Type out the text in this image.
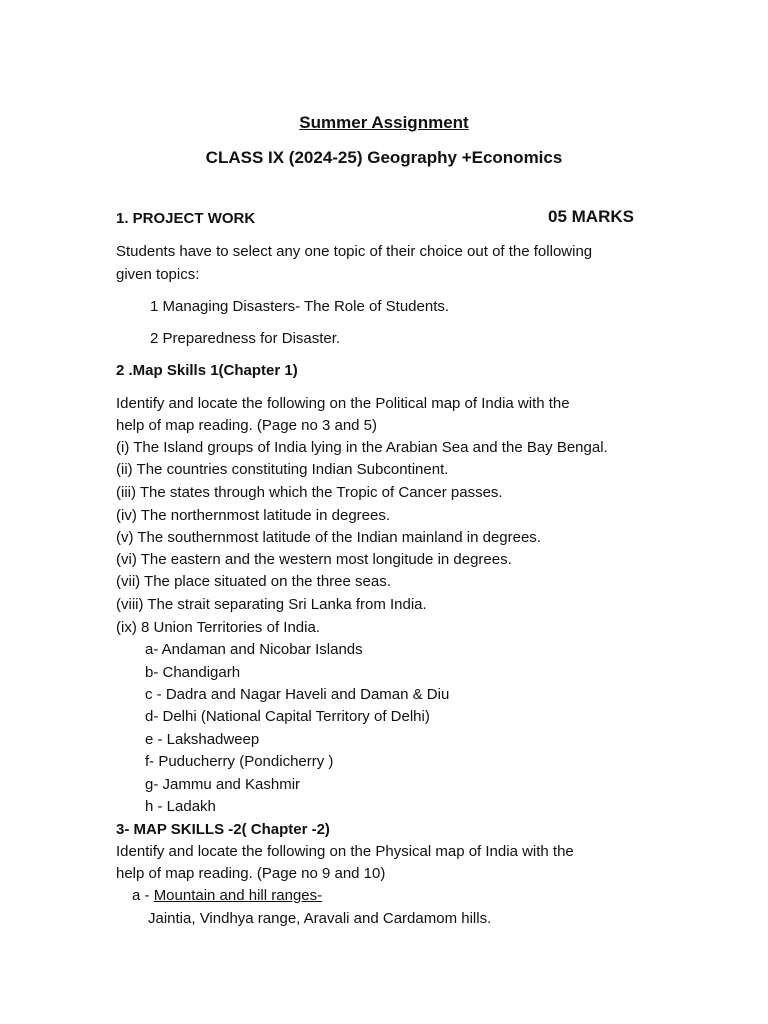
Summer Assignment
CLASS IX (2024-25) Geography +Economics
1. PROJECT WORK	05 MARKS
Students have to select any one topic of their choice out of the following
given topics:
1 Managing Disasters- The Role of Students.
2 Preparedness for Disaster.
2 .Map Skills 1(Chapter 1)
Identify and locate the following on the Political map of India with the
help of map reading. (Page no 3 and 5)
(i) The Island groups of India lying in the Arabian Sea and the Bay Bengal.
(ii) The countries constituting Indian Subcontinent.
(iii) The states through which the Tropic of Cancer passes.
(iv) The northernmost latitude in degrees.
(v) The southernmost latitude of the Indian mainland in degrees.
(vi) The eastern and the western most longitude in degrees.
(vii) The place situated on the three seas.
(viii) The strait separating Sri Lanka from India.
(ix) 8 Union Territories of India.
a- Andaman and Nicobar Islands
b- Chandigarh
c - Dadra and Nagar Haveli and Daman & Diu
d- Delhi (National Capital Territory of Delhi)
e - Lakshadweep
f- Puducherry (Pondicherry )
g- Jammu and Kashmir
h - Ladakh
3- MAP SKILLS -2( Chapter -2)
Identify and locate the following on the Physical map of India with the
help of map reading. (Page no 9 and 10)
a - Mountain and hill ranges-
Jaintia, Vindhya range, Aravali and Cardamom hills.
